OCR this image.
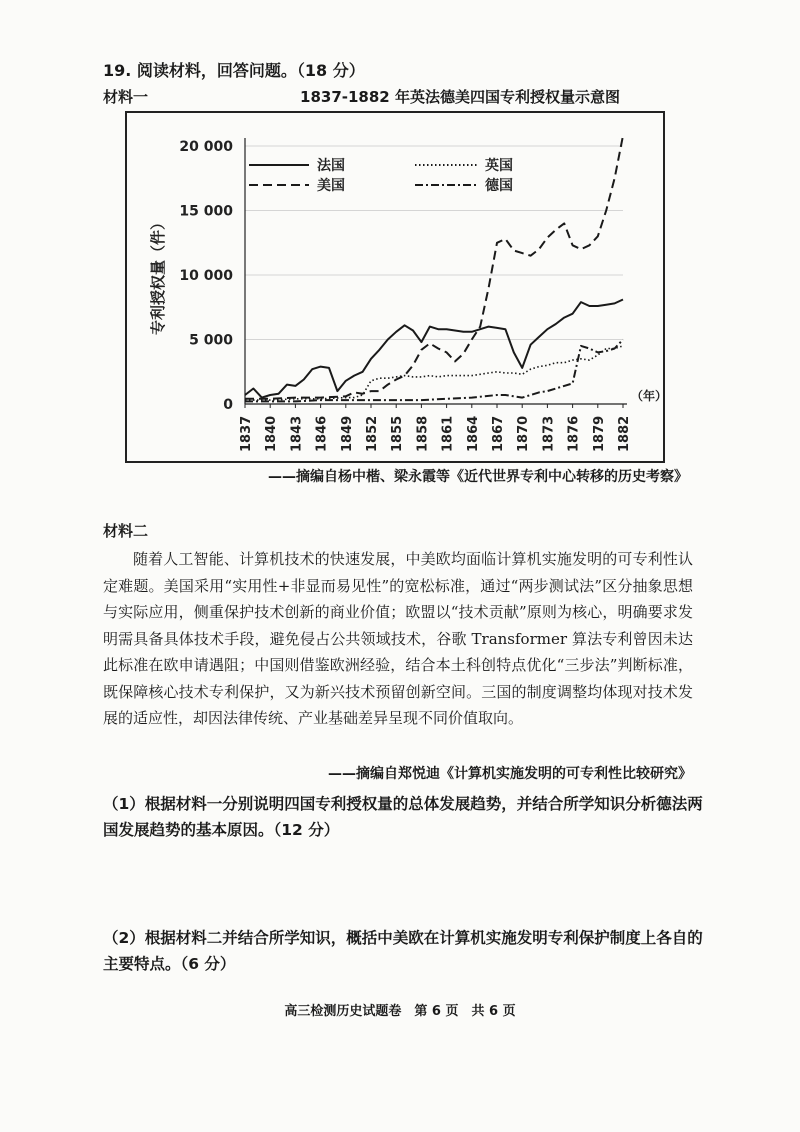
19. 阅读材料，回答问题。（18 分）
材料一	1837-1882 年英法德美四国专利授权量示意图
0
5 000
10 000
15 000
20 000
1837 1840 1843 1846 1849 1852 1855 1858 1861 1864 1867 1870 1873 1876 1879 1882
（年）
专利授权量（件）
法国	英国
美国	德国
——摘编自杨中楷、梁永霞等《近代世界专利中心转移的历史考察》
材料二
随着人工智能、计算机技术的快速发展，中美欧均面临计算机实施发明的可专利性认定难题。美国采用“实用性+非显而易见性”的宽松标准，通过“两步测试法”区分抽象思想与实际应用，侧重保护技术创新的商业价值；欧盟以“技术贡献”原则为核心，明确要求发明需具备具体技术手段，避免侵占公共领域技术，谷歌 Transformer 算法专利曾因未达此标准在欧申请遇阻；中国则借鉴欧洲经验，结合本土科创特点优化“三步法”判断标准，既保障核心技术专利保护，又为新兴技术预留创新空间。三国的制度调整均体现对技术发展的适应性，却因法律传统、产业基础差异呈现不同价值取向。
——摘编自郑悦迪《计算机实施发明的可专利性比较研究》
（1）根据材料一分别说明四国专利授权量的总体发展趋势，并结合所学知识分析德法两国发展趋势的基本原因。（12 分）
（2）根据材料二并结合所学知识，概括中美欧在计算机实施发明专利保护制度上各自的主要特点。（6 分）
高三检测历史试题卷　第 6 页　共 6 页
